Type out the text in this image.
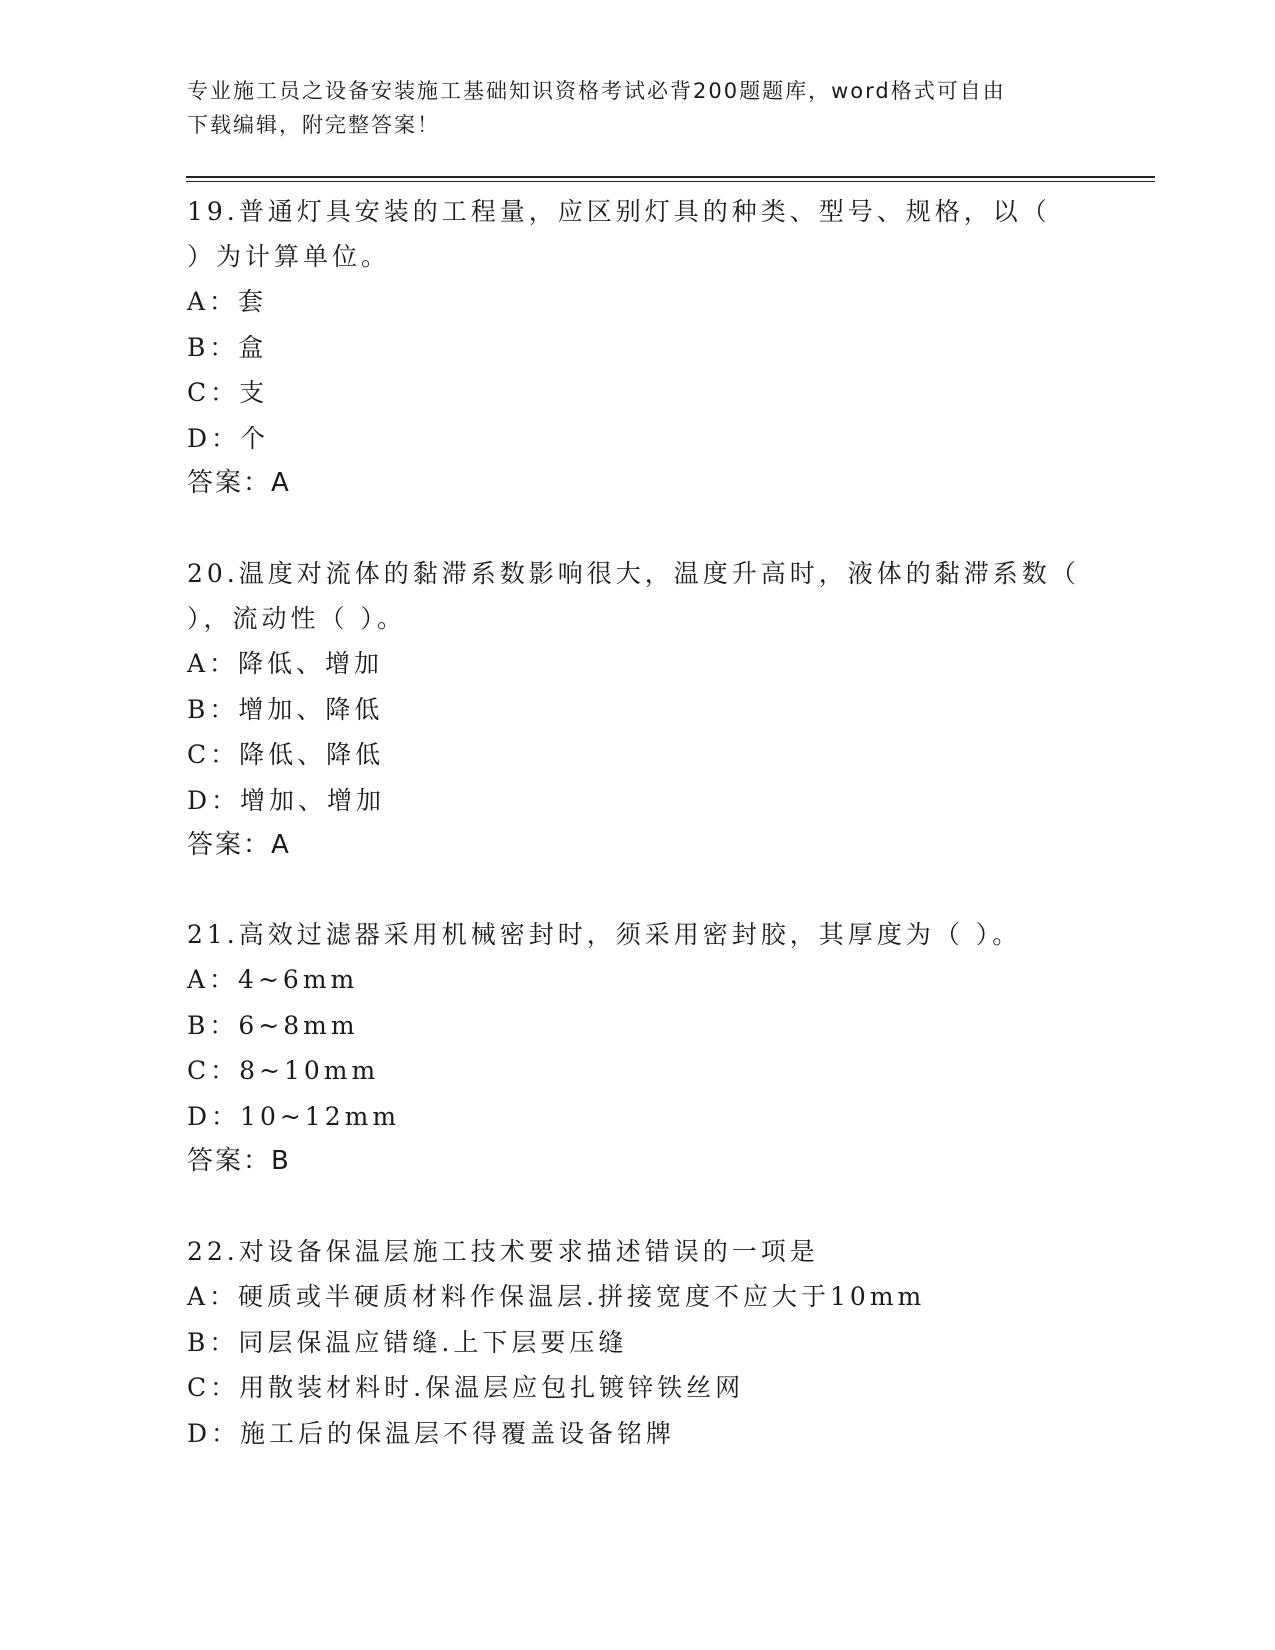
专业施工员之设备安装施工基础知识资格考试必背200题题库，word格式可自由
下载编辑，附完整答案！
19.普通灯具安装的工程量，应区别灯具的种类、型号、规格，以（
）为计算单位。
A：套
B：盒
C：支
D：个
答案：A
20.温度对流体的黏滞系数影响很大，温度升高时，液体的黏滞系数（
），流动性（ ）。
A：降低、增加
B：增加、降低
C：降低、降低
D：增加、增加
答案：A
21.高效过滤器采用机械密封时，须采用密封胶，其厚度为（ ）。
A：4~6mm
B：6~8mm
C：8~10mm
D：10~12mm
答案：B
22.对设备保温层施工技术要求描述错误的一项是
A：硬质或半硬质材料作保温层.拼接宽度不应大于10mm
B：同层保温应错缝.上下层要压缝
C：用散装材料时.保温层应包扎镀锌铁丝网
D：施工后的保温层不得覆盖设备铭牌
